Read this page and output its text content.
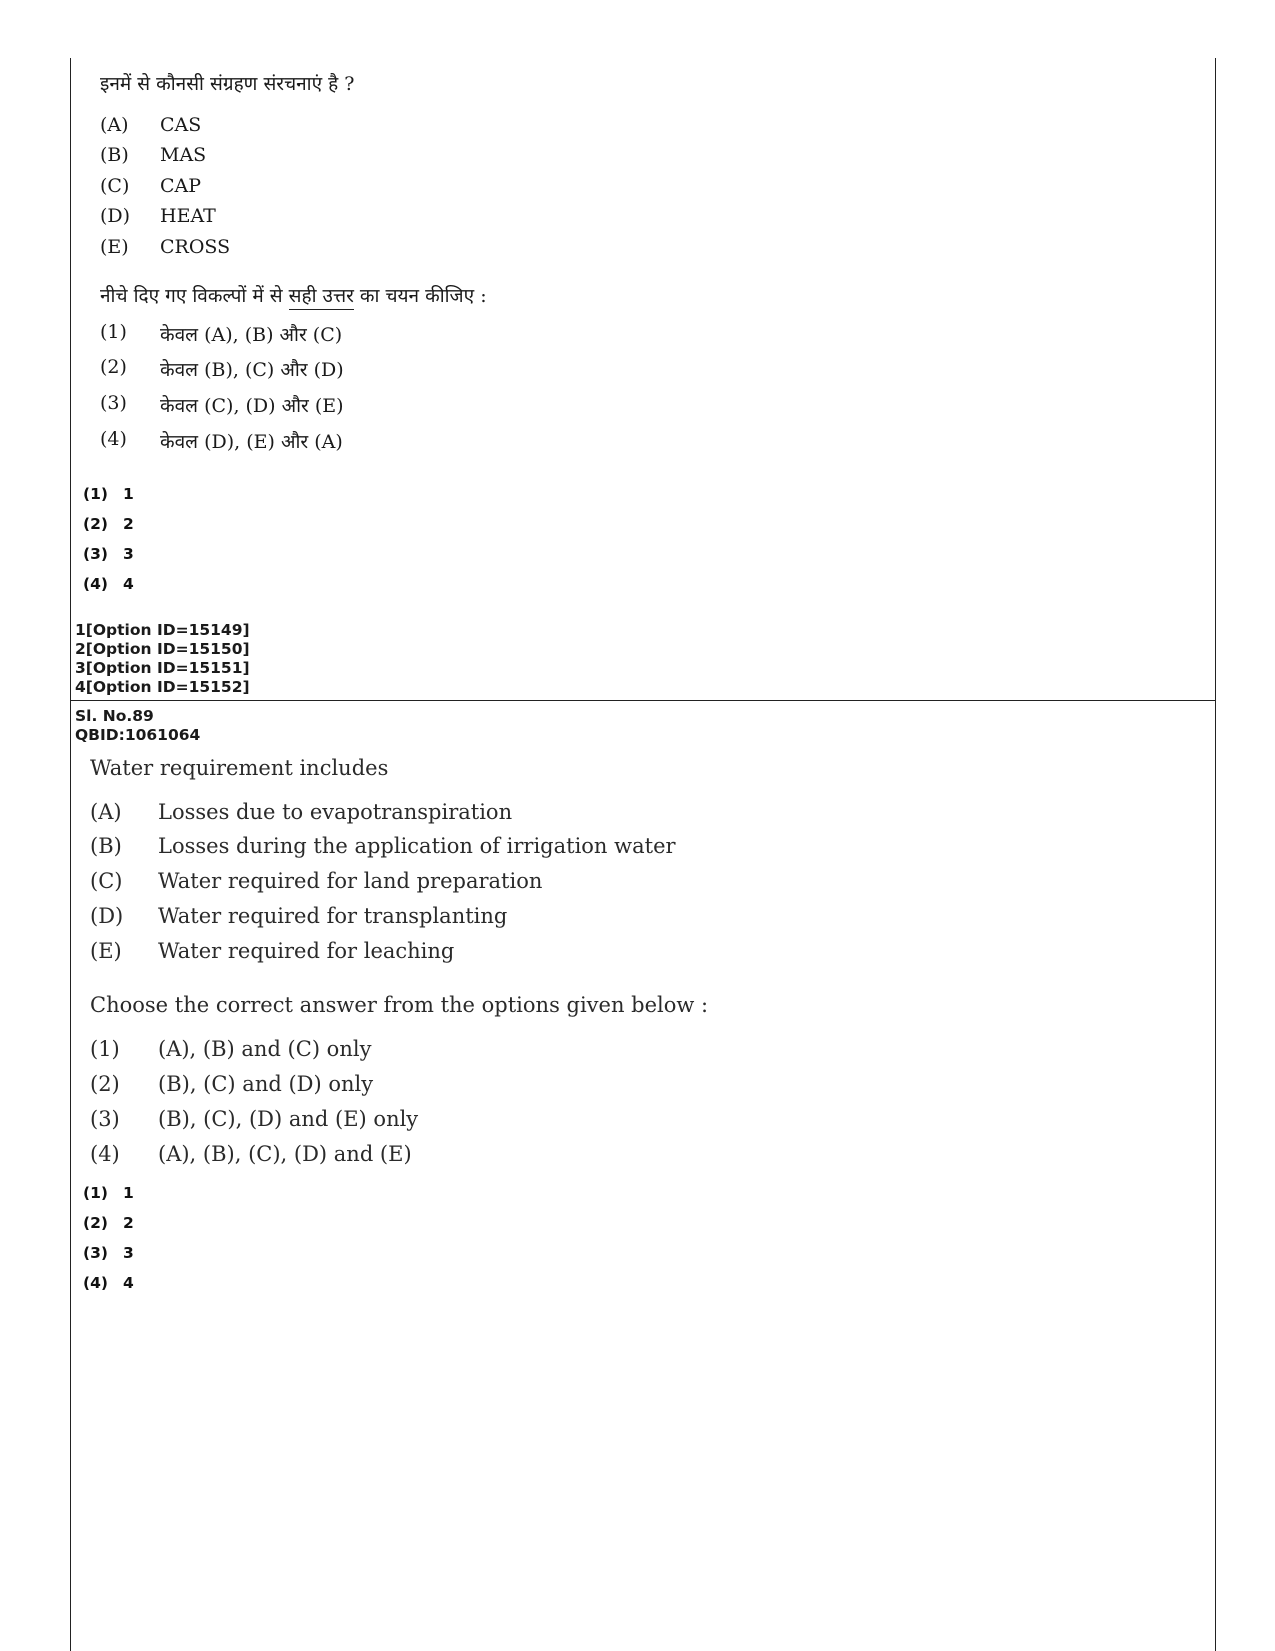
इनमें से कौनसी संग्रहण संरचनाएं है ?
(A) CAS
(B) MAS
(C) CAP
(D) HEAT
(E) CROSS
नीचे दिए गए विकल्पों में से सही उत्तर का चयन कीजिए :
(1) केवल (A), (B) और (C)
(2) केवल (B), (C) और (D)
(3) केवल (C), (D) और (E)
(4) केवल (D), (E) और (A)
(1) 1
(2) 2
(3) 3
(4) 4
1[Option ID=15149]
2[Option ID=15150]
3[Option ID=15151]
4[Option ID=15152]
Sl. No.89
QBID:1061064
Water requirement includes
(A) Losses due to evapotranspiration
(B) Losses during the application of irrigation water
(C) Water required for land preparation
(D) Water required for transplanting
(E) Water required for leaching
Choose the correct answer from the options given below :
(1) (A), (B) and (C) only
(2) (B), (C) and (D) only
(3) (B), (C), (D) and (E) only
(4) (A), (B), (C), (D) and (E)
(1) 1
(2) 2
(3) 3
(4) 4
